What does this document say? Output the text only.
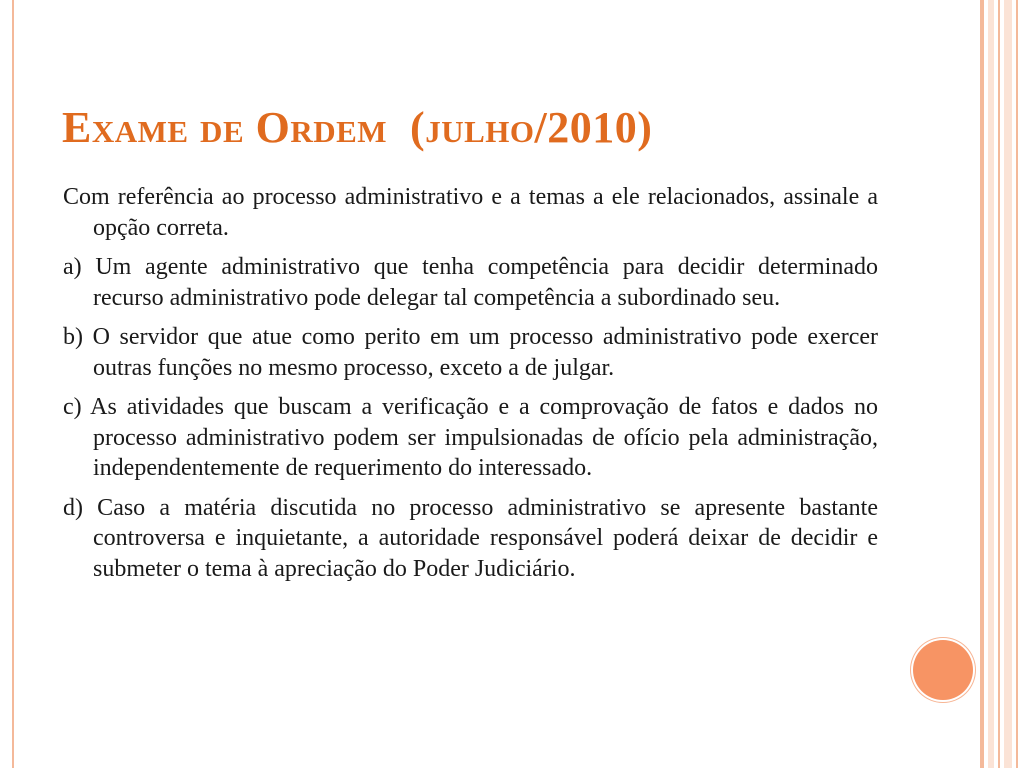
Exame de Ordem  (julho/2010)

Com referência ao processo administrativo e a temas a ele relacionados, assinale a opção correta.

a) Um agente administrativo que tenha competência para decidir determinado recurso administrativo pode delegar tal competência a subordinado seu.

b) O servidor que atue como perito em um processo administrativo pode exercer outras funções no mesmo processo, exceto a de julgar.

c) As atividades que buscam a verificação e a comprovação de fatos e dados no processo administrativo podem ser impulsionadas de ofício pela administração, independentemente de requerimento do interessado.

d) Caso a matéria discutida no processo administrativo se apresente bastante controversa e inquietante, a autoridade responsável poderá deixar de decidir e submeter o tema à apreciação do Poder Judiciário.
